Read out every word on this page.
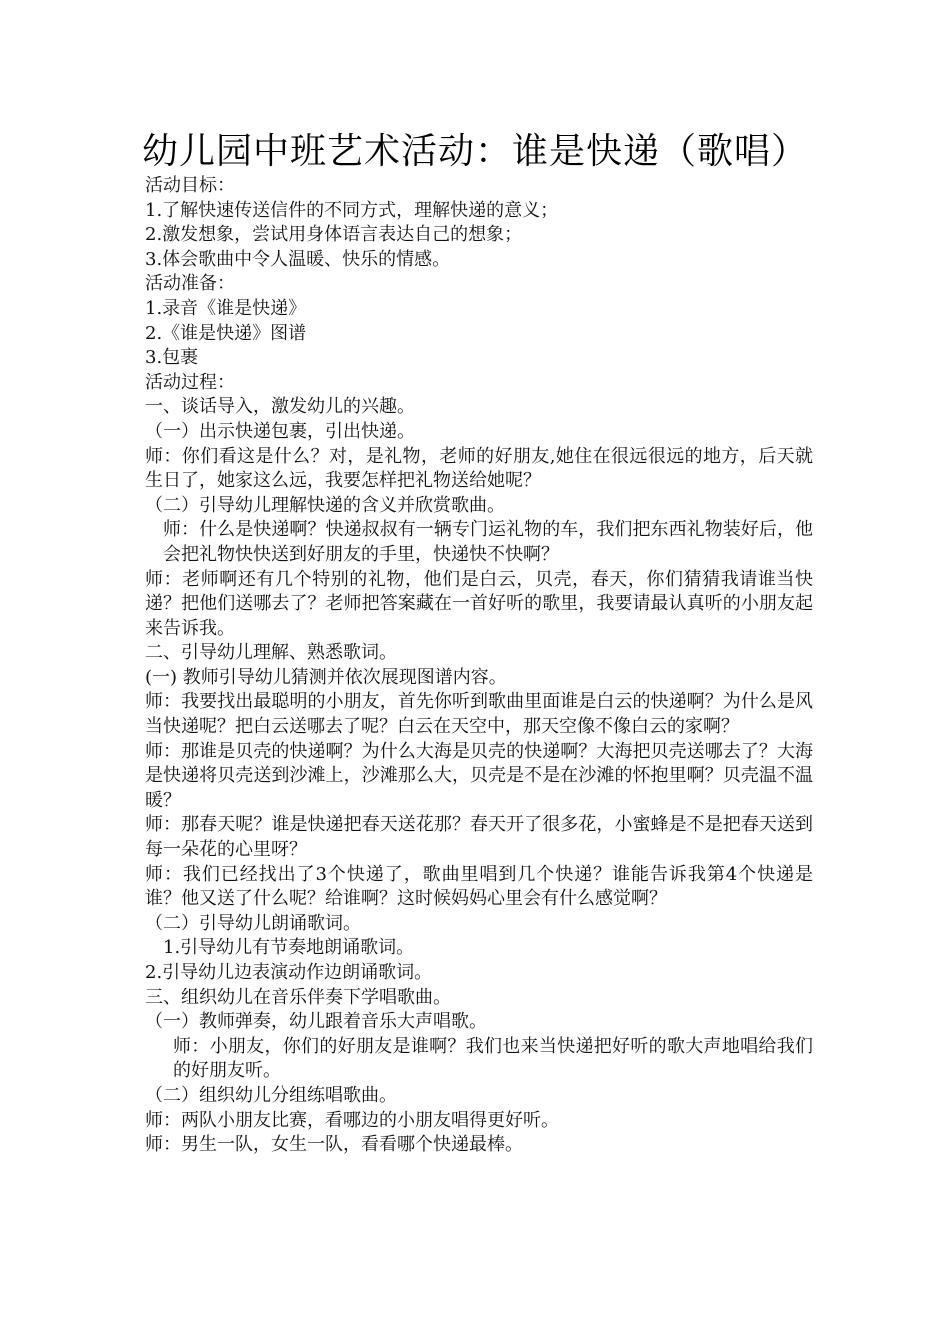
幼儿园中班艺术活动：谁是快递（歌唱）

活动目标：

1.了解快速传送信件的不同方式，理解快递的意义；

2.激发想象，尝试用身体语言表达自己的想象；

3.体会歌曲中令人温暖、快乐的情感。

活动准备：

1.录音《谁是快递》

2.《谁是快递》图谱

3.包裹

活动过程：

一、谈话导入，激发幼儿的兴趣。

（一）出示快递包裹，引出快递。

师：你们看这是什么？对，是礼物，老师的好朋友,她住在很远很远的地方，后天就生日了，她家这么远，我要怎样把礼物送给她呢？

（二）引导幼儿理解快递的含义并欣赏歌曲。

师：什么是快递啊？快递叔叔有一辆专门运礼物的车，我们把东西礼物装好后，他会把礼物快快送到好朋友的手里，快递快不快啊？

师：老师啊还有几个特别的礼物，他们是白云，贝壳，春天，你们猜猜我请谁当快递？把他们送哪去了？老师把答案藏在一首好听的歌里，我要请最认真听的小朋友起来告诉我。

二、引导幼儿理解、熟悉歌词。

(一) 教师引导幼儿猜测并依次展现图谱内容。

师：我要找出最聪明的小朋友，首先你听到歌曲里面谁是白云的快递啊？为什么是风当快递呢？把白云送哪去了呢？白云在天空中，那天空像不像白云的家啊？

师：那谁是贝壳的快递啊？为什么大海是贝壳的快递啊？大海把贝壳送哪去了？大海是快递将贝壳送到沙滩上，沙滩那么大，贝壳是不是在沙滩的怀抱里啊？贝壳温不温暖？

师：那春天呢？谁是快递把春天送花那？春天开了很多花，小蜜蜂是不是把春天送到每一朵花的心里呀？

师：我们已经找出了3个快递了，歌曲里唱到几个快递？谁能告诉我第4个快递是谁？他又送了什么呢？给谁啊？这时候妈妈心里会有什么感觉啊？

（二）引导幼儿朗诵歌词。

1.引导幼儿有节奏地朗诵歌词。

2.引导幼儿边表演动作边朗诵歌词。

三、组织幼儿在音乐伴奏下学唱歌曲。

（一）教师弹奏，幼儿跟着音乐大声唱歌。

师：小朋友，你们的好朋友是谁啊？我们也来当快递把好听的歌大声地唱给我们的好朋友听。

（二）组织幼儿分组练唱歌曲。

师：两队小朋友比赛，看哪边的小朋友唱得更好听。

师：男生一队，女生一队，看看哪个快递最棒。
